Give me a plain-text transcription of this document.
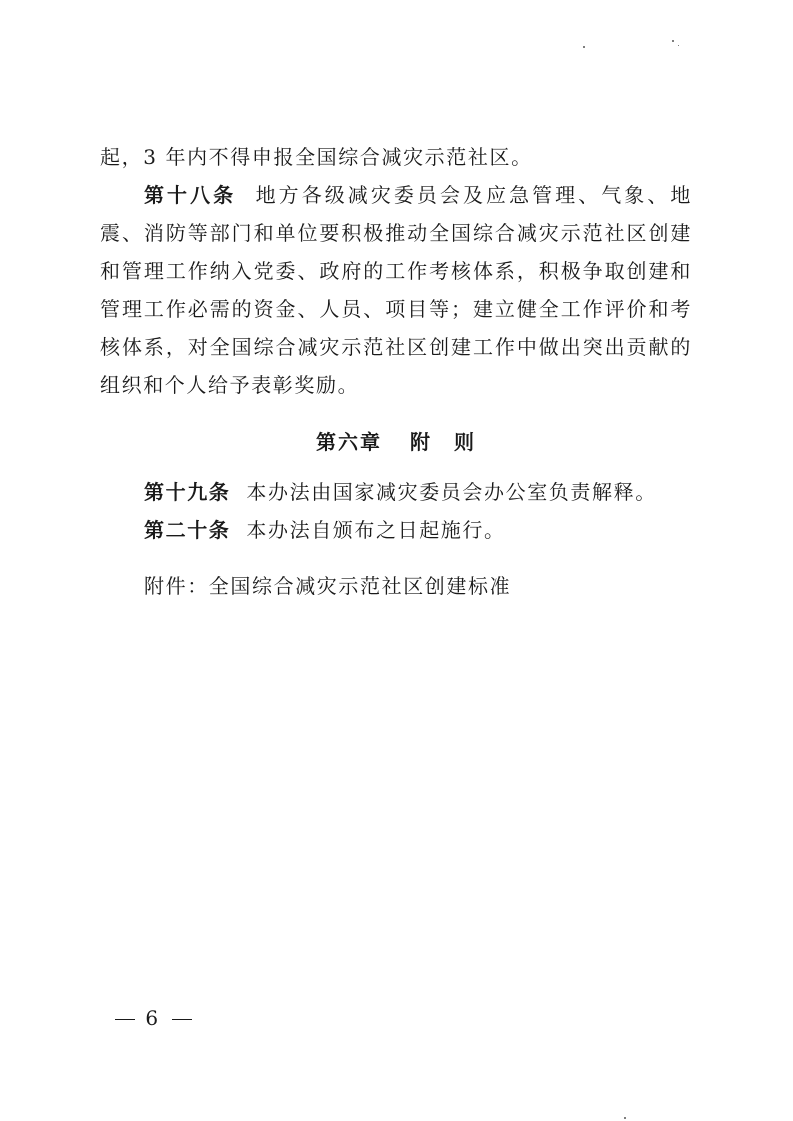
起，3 年内不得申报全国综合减灾示范社区。

第十八条 地方各级减灾委员会及应急管理、气象、地震、消防等部门和单位要积极推动全国综合减灾示范社区创建和管理工作纳入党委、政府的工作考核体系，积极争取创建和管理工作必需的资金、人员、项目等；建立健全工作评价和考核体系，对全国综合减灾示范社区创建工作中做出突出贡献的组织和个人给予表彰奖励。

第六章 附　则

第十九条 本办法由国家减灾委员会办公室负责解释。

第二十条 本办法自颁布之日起施行。

附件：全国综合减灾示范社区创建标准

6
